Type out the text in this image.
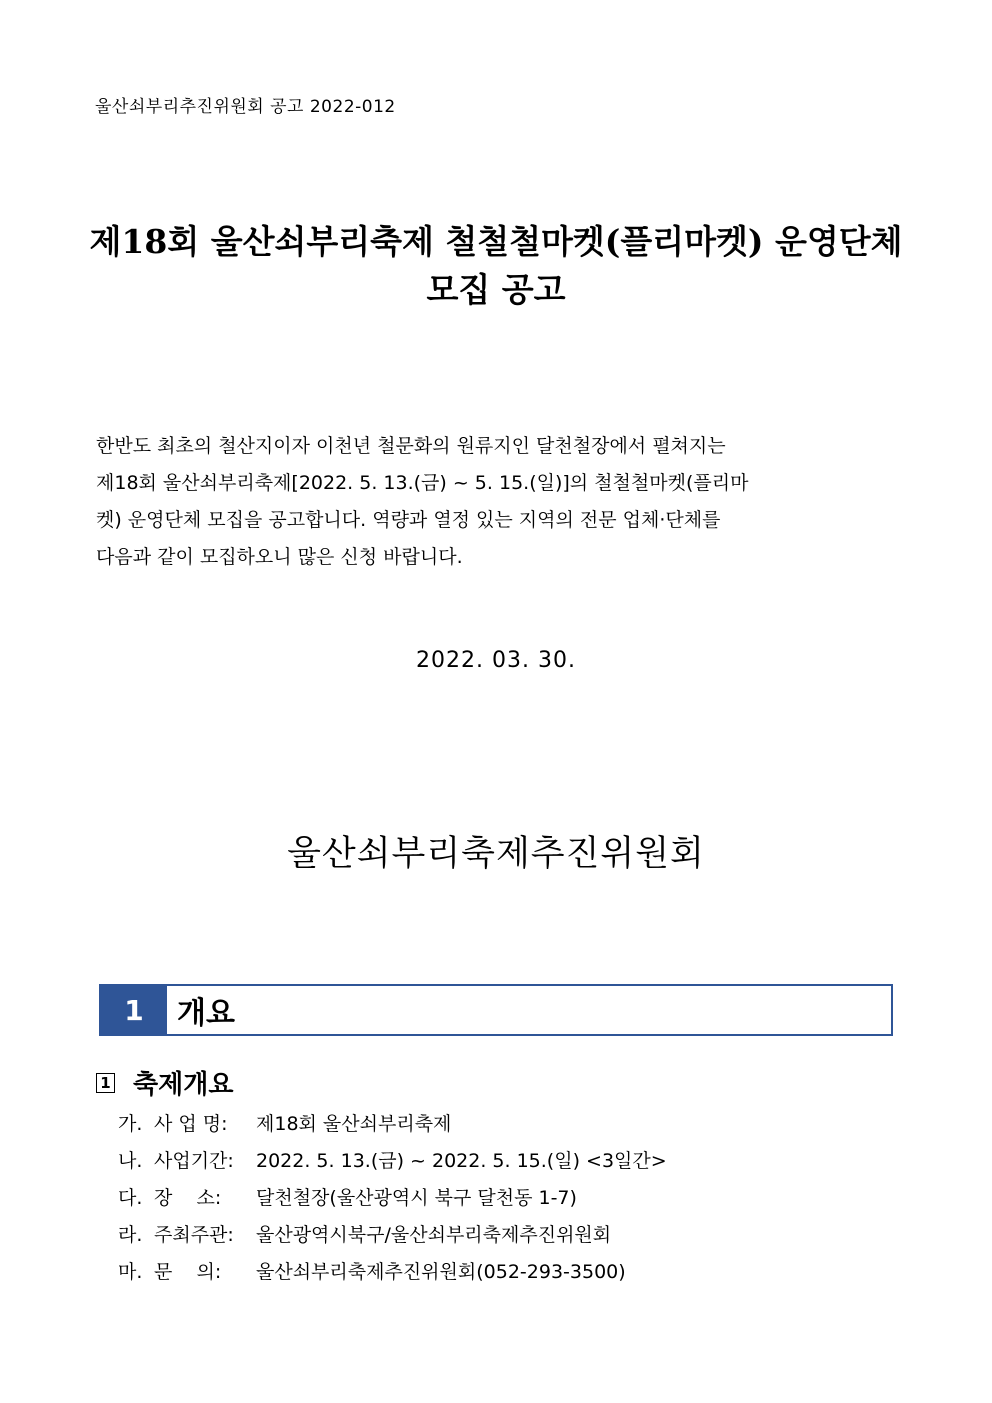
울산쇠부리추진위원회 공고 2022-012
제18회 울산쇠부리축제 철철철마켓(플리마켓) 운영단체
모집 공고
한반도 최초의 철산지이자 이천년 철문화의 원류지인 달천철장에서 펼쳐지는
제18회 울산쇠부리축제[2022. 5. 13.(금) ~ 5. 15.(일)]의 철철철마켓(플리마
켓) 운영단체 모집을 공고합니다. 역량과 열정 있는 지역의 전문 업체·단체를
다음과 같이 모집하오니 많은 신청 바랍니다.
2022. 03. 30.
울산쇠부리축제추진위원회
1	개요
1 축제개요
가. 사 업 명:	제18회 울산쇠부리축제
나. 사업기간:	2022. 5. 13.(금) ~ 2022. 5. 15.(일) <3일간>
다. 장    소:	달천철장(울산광역시 북구 달천동 1-7)
라. 주최주관:	울산광역시북구/울산쇠부리축제추진위원회
마. 문    의:	울산쇠부리축제추진위원회(052-293-3500)
